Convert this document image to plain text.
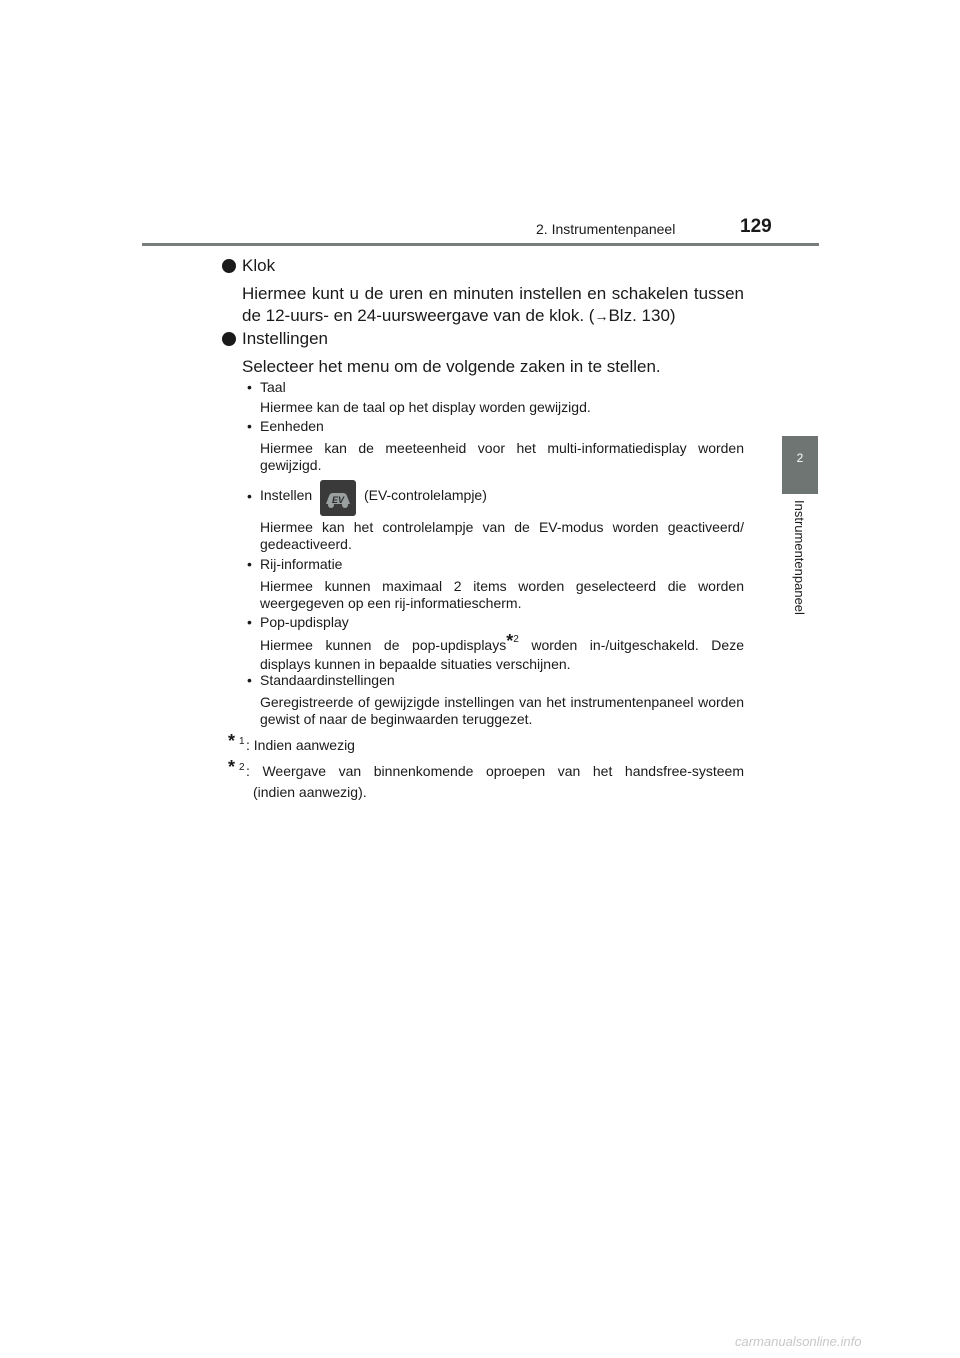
2. Instrumentenpaneel	129
2
Instrumentenpaneel
Klok
Hiermee kunt u de uren en minuten instellen en schakelen tussen
de 12-uurs- en 24-uursweergave van de klok. (→Blz. 130)
Instellingen
Selecteer het menu om de volgende zaken in te stellen.
• Taal
Hiermee kan de taal op het display worden gewijzigd.
• Eenheden
Hiermee kan de meeteenheid voor het multi-informatiedisplay worden gewijzigd.
• Instellen EV (EV-controlelampje)
Hiermee kan het controlelampje van de EV-modus worden geactiveerd/ gedeactiveerd.
• Rij-informatie
Hiermee kunnen maximaal 2 items worden geselecteerd die worden weergegeven op een rij-informatiescherm.
• Pop-updisplay
Hiermee kunnen de pop-updisplays$^{*2}$ worden in-/uitgeschakeld. Deze displays kunnen in bepaalde situaties verschijnen.
• Standaardinstellingen
Geregistreerde of gewijzigde instellingen van het instrumentenpaneel worden gewist of naar de beginwaarden teruggezet.
* 1 : Indien aanwezig
* 2 : Weergave van binnenkomende oproepen van het handsfree-systeem
(indien aanwezig).
carmanualsonline.info
